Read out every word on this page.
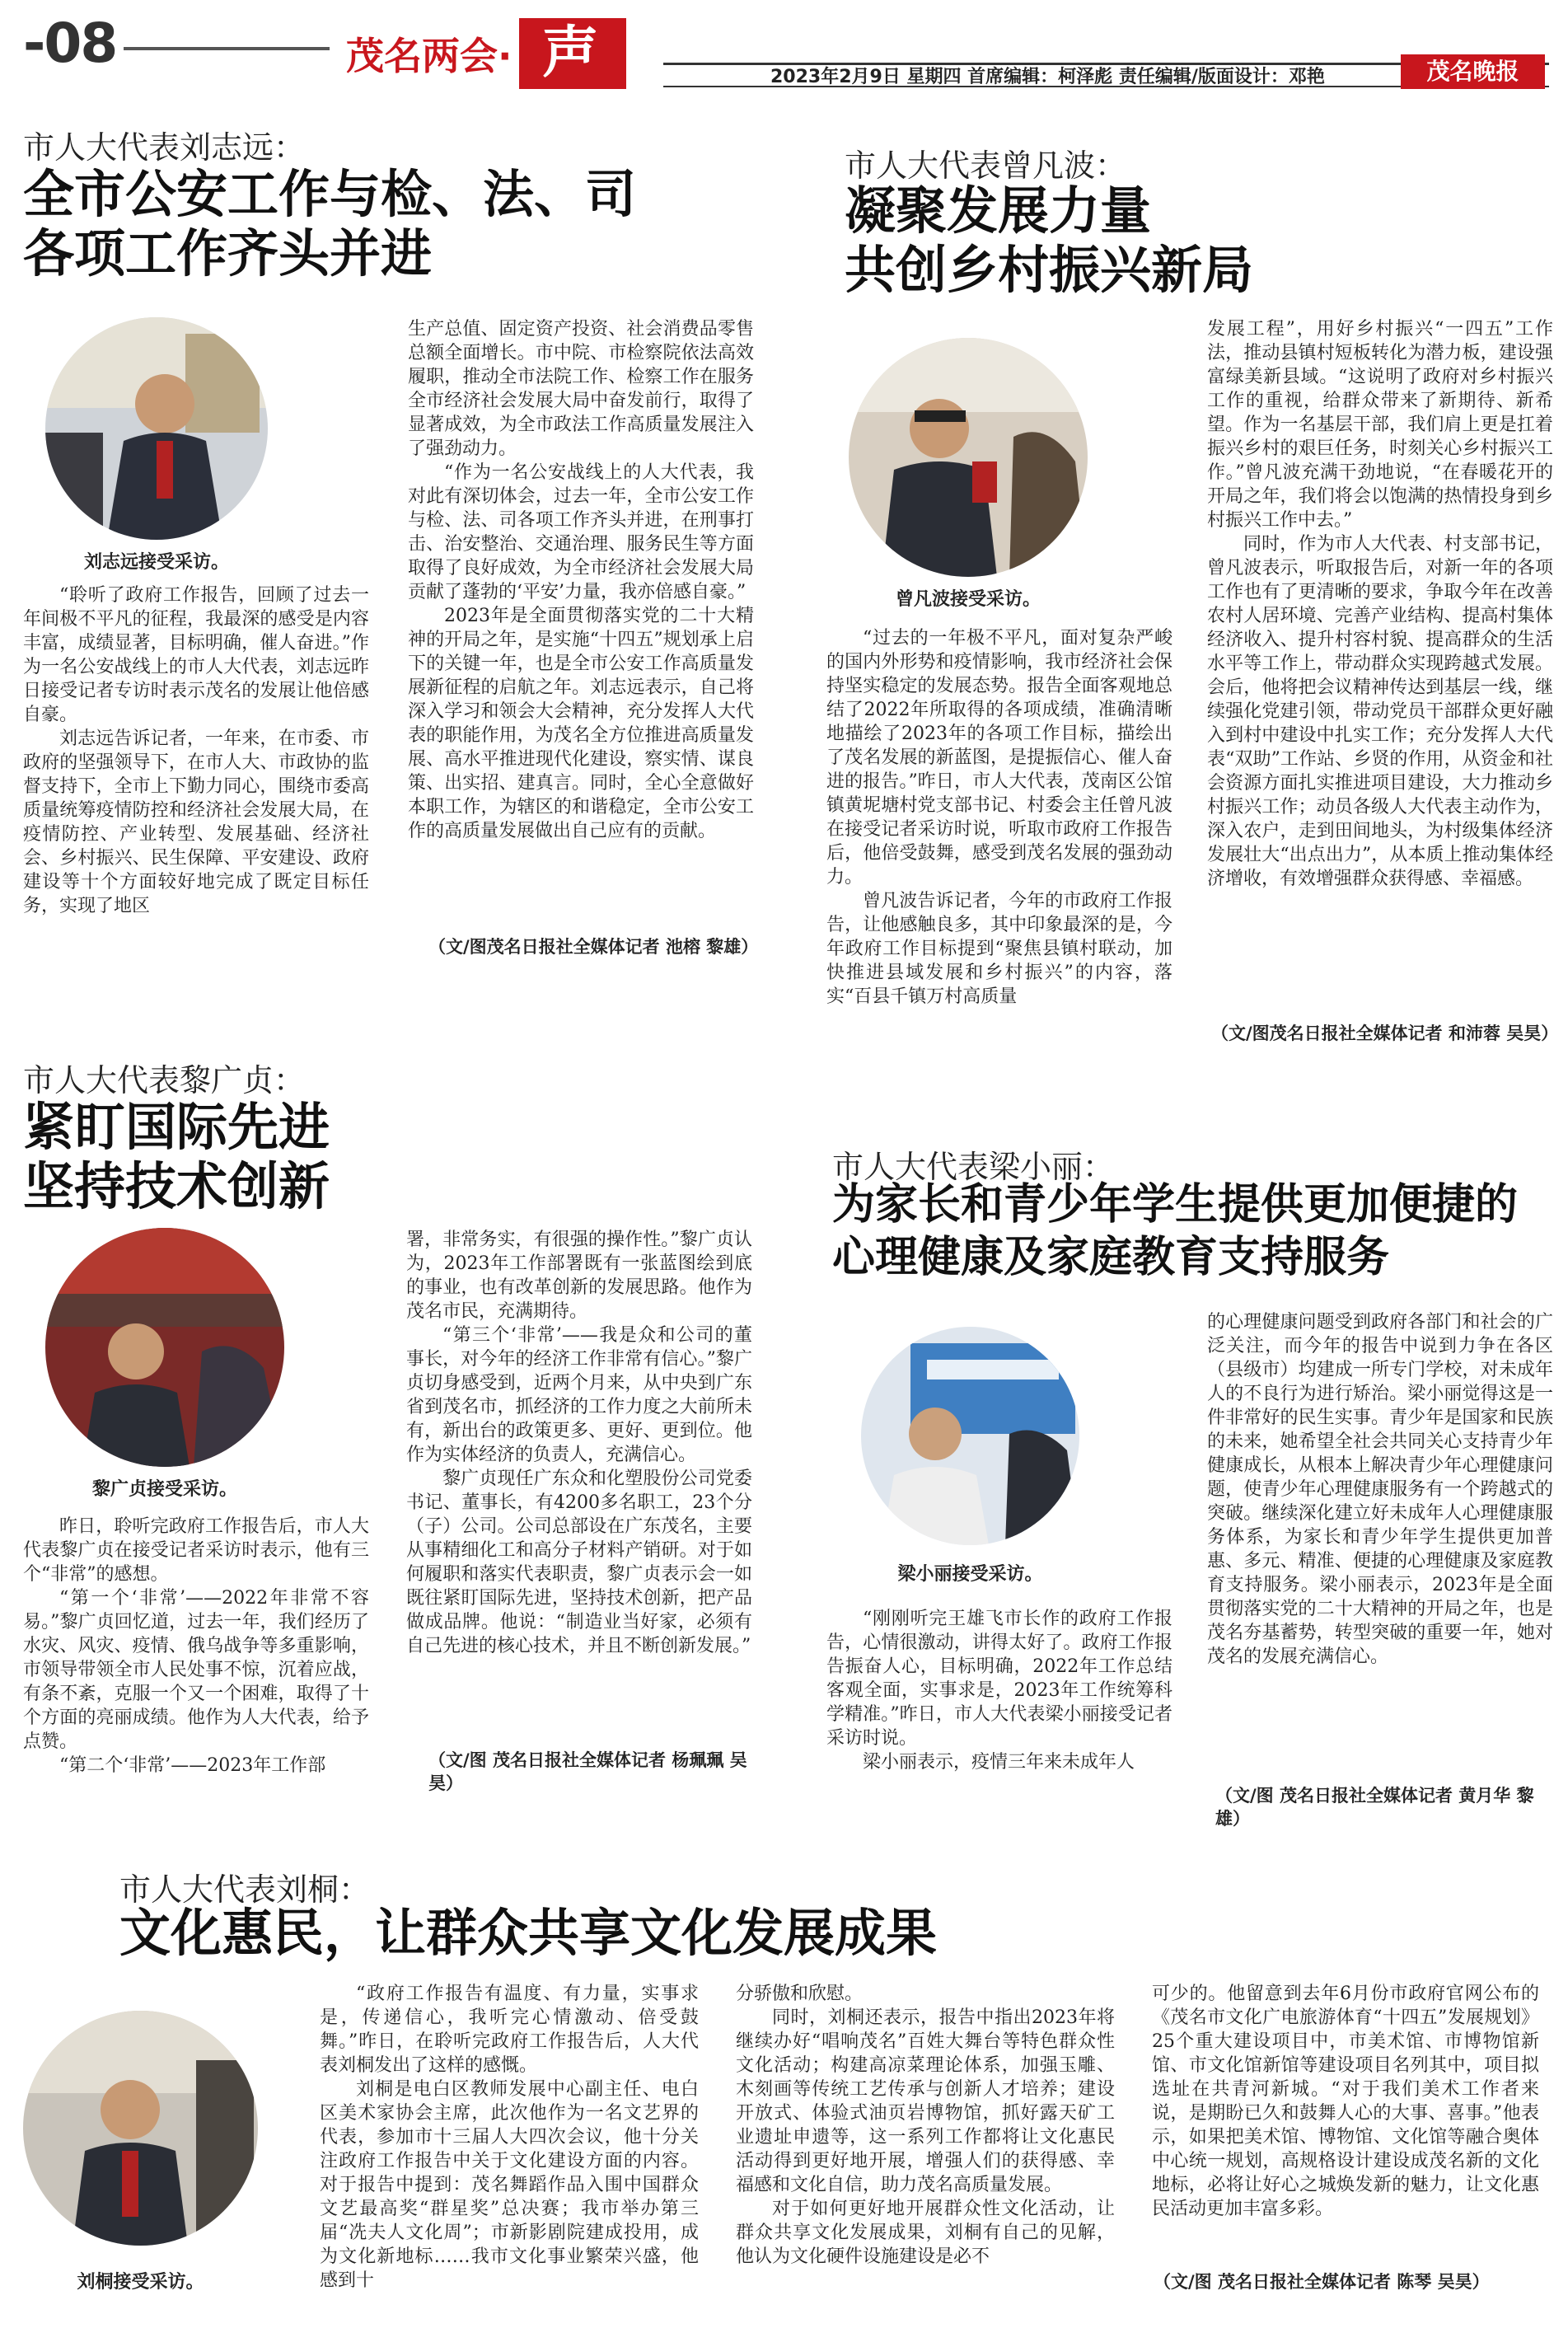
-08	茂名两会· 声音
2023年2月9日 星期四 首席编辑：柯泽彪 责任编辑/版面设计：邓艳	茂名晚报
市人大代表刘志远：
全市公安工作与检、法、司
各项工作齐头并进
刘志远接受采访。

“聆听了政府工作报告，回顾了过去一年间极不平凡的征程，我最深的感受是内容丰富，成绩显著，目标明确，催人奋进。”作为一名公安战线上的市人大代表，刘志远昨日接受记者专访时表示茂名的发展让他倍感自豪。

刘志远告诉记者，一年来，在市委、市政府的坚强领导下，在市人大、市政协的监督支持下，全市上下勤力同心，围绕市委高质量统筹疫情防控和经济社会发展大局，在疫情防控、产业转型、发展基础、经济社会、乡村振兴、民生保障、平安建设、政府建设等十个方面较好地完成了既定目标任务，实现了地区

生产总值、固定资产投资、社会消费品零售总额全面增长。市中院、市检察院依法高效履职，推动全市法院工作、检察工作在服务全市经济社会发展大局中奋发前行，取得了显著成效，为全市政法工作高质量发展注入了强劲动力。

“作为一名公安战线上的人大代表，我对此有深切体会，过去一年，全市公安工作与检、法、司各项工作齐头并进，在刑事打击、治安整治、交通治理、服务民生等方面取得了良好成效，为全市经济社会发展大局贡献了蓬勃的‘平安’力量，我亦倍感自豪。”

2023年是全面贯彻落实党的二十大精神的开局之年，是实施“十四五”规划承上启下的关键一年，也是全市公安工作高质量发展新征程的启航之年。刘志远表示，自己将深入学习和领会大会精神，充分发挥人大代表的职能作用，为茂名全方位推进高质量发展、高水平推进现代化建设，察实情、谋良策、出实招、建真言。同时，全心全意做好本职工作，为辖区的和谐稳定，全市公安工作的高质量发展做出自己应有的贡献。

（文/图茂名日报社全媒体记者 池榕 黎雄）
市人大代表曾凡波：
凝聚发展力量
共创乡村振兴新局
曾凡波接受采访。

“过去的一年极不平凡，面对复杂严峻的国内外形势和疫情影响，我市经济社会保持坚实稳定的发展态势。报告全面客观地总结了2022年所取得的各项成绩，准确清晰地描绘了2023年的各项工作目标，描绘出了茂名发展的新蓝图，是提振信心、催人奋进的报告。”昨日，市人大代表，茂南区公馆镇黄坭塘村党支部书记、村委会主任曾凡波在接受记者采访时说，听取市政府工作报告后，他倍受鼓舞，感受到茂名发展的强劲动力。

曾凡波告诉记者，今年的市政府工作报告，让他感触良多，其中印象最深的是，今年政府工作目标提到“聚焦县镇村联动，加快推进县域发展和乡村振兴”的内容，落实“百县千镇万村高质量

发展工程”，用好乡村振兴“一四五”工作法，推动县镇村短板转化为潜力板，建设强富绿美新县域。“这说明了政府对乡村振兴工作的重视，给群众带来了新期待、新希望。作为一名基层干部，我们肩上更是扛着振兴乡村的艰巨任务，时刻关心乡村振兴工作。”曾凡波充满干劲地说，“在春暖花开的开局之年，我们将会以饱满的热情投身到乡村振兴工作中去。”

同时，作为市人大代表、村支部书记，曾凡波表示，听取报告后，对新一年的各项工作也有了更清晰的要求，争取今年在改善农村人居环境、完善产业结构、提高村集体经济收入、提升村容村貌、提高群众的生活水平等工作上，带动群众实现跨越式发展。会后，他将把会议精神传达到基层一线，继续强化党建引领，带动党员干部群众更好融入到村中建设中扎实工作；充分发挥人大代表“双助”工作站、乡贤的作用，从资金和社会资源方面扎实推进项目建设，大力推动乡村振兴工作；动员各级人大代表主动作为，深入农户，走到田间地头，为村级集体经济发展壮大“出点出力”，从本质上推动集体经济增收，有效增强群众获得感、幸福感。

（文/图茂名日报社全媒体记者 和沛蓉 吴昊）
市人大代表黎广贞：
紧盯国际先进
坚持技术创新
黎广贞接受采访。

昨日，聆听完政府工作报告后，市人大代表黎广贞在接受记者采访时表示，他有三个“非常”的感想。

“第一个‘非常’——2022年非常不容易。”黎广贞回忆道，过去一年，我们经历了水灾、风灾、疫情、俄乌战争等多重影响，市领导带领全市人民处事不惊，沉着应战，有条不紊，克服一个又一个困难，取得了十个方面的亮丽成绩。他作为人大代表，给予点赞。

“第二个‘非常’——2023年工作部

署，非常务实，有很强的操作性。”黎广贞认为，2023年工作部署既有一张蓝图绘到底的事业，也有改革创新的发展思路。他作为茂名市民，充满期待。

“第三个‘非常’——我是众和公司的董事长，对今年的经济工作非常有信心。”黎广贞切身感受到，近两个月来，从中央到广东省到茂名市，抓经济的工作力度之大前所未有，新出台的政策更多、更好、更到位。他作为实体经济的负责人，充满信心。

黎广贞现任广东众和化塑股份公司党委书记、董事长，有4200多名职工，23个分（子）公司。公司总部设在广东茂名，主要从事精细化工和高分子材料产销研。对于如何履职和落实代表职责，黎广贞表示会一如既往紧盯国际先进，坚持技术创新，把产品做成品牌。他说：“制造业当好家，必须有自己先进的核心技术，并且不断创新发展。”

（文/图 茂名日报社全媒体记者 杨珮珮 吴昊）
市人大代表梁小丽：
为家长和青少年学生提供更加便捷的
心理健康及家庭教育支持服务
梁小丽接受采访。

“刚刚听完王雄飞市长作的政府工作报告，心情很激动，讲得太好了。政府工作报告振奋人心，目标明确，2022年工作总结客观全面，实事求是，2023年工作统筹科学精准。”昨日，市人大代表梁小丽接受记者采访时说。

梁小丽表示，疫情三年来未成年人

的心理健康问题受到政府各部门和社会的广泛关注，而今年的报告中说到力争在各区（县级市）均建成一所专门学校，对未成年人的不良行为进行矫治。梁小丽觉得这是一件非常好的民生实事。青少年是国家和民族的未来，她希望全社会共同关心支持青少年健康成长，从根本上解决青少年心理健康问题，使青少年心理健康服务有一个跨越式的突破。继续深化建立好未成年人心理健康服务体系，为家长和青少年学生提供更加普惠、多元、精准、便捷的心理健康及家庭教育支持服务。梁小丽表示，2023年是全面贯彻落实党的二十大精神的开局之年，也是茂名夯基蓄势，转型突破的重要一年，她对茂名的发展充满信心。

（文/图 茂名日报社全媒体记者 黄月华 黎雄）
市人大代表刘桐：
文化惠民，让群众共享文化发展成果
刘桐接受采访。

“政府工作报告有温度、有力量，实事求是，传递信心，我听完心情激动、倍受鼓舞。”昨日，在聆听完政府工作报告后，人大代表刘桐发出了这样的感慨。

刘桐是电白区教师发展中心副主任、电白区美术家协会主席，此次他作为一名文艺界的代表，参加市十三届人大四次会议，他十分关注政府工作报告中关于文化建设方面的内容。对于报告中提到：茂名舞蹈作品入围中国群众文艺最高奖“群星奖”总决赛；我市举办第三届“冼夫人文化周”；市新影剧院建成投用，成为文化新地标……我市文化事业繁荣兴盛，他感到十

分骄傲和欣慰。

同时，刘桐还表示，报告中指出2023年将继续办好“唱响茂名”百姓大舞台等特色群众性文化活动；构建高凉菜理论体系，加强玉雕、木刻画等传统工艺传承与创新人才培养；建设开放式、体验式油页岩博物馆，抓好露天矿工业遗址申遗等，这一系列工作都将让文化惠民活动得到更好地开展，增强人们的获得感、幸福感和文化自信，助力茂名高质量发展。

对于如何更好地开展群众性文化活动，让群众共享文化发展成果，刘桐有自己的见解，他认为文化硬件设施建设是必不

可少的。他留意到去年6月份市政府官网公布的《茂名市文化广电旅游体育“十四五”发展规划》25个重大建设项目中，市美术馆、市博物馆新馆、市文化馆新馆等建设项目名列其中，项目拟选址在共青河新城。“对于我们美术工作者来说，是期盼已久和鼓舞人心的大事、喜事。”他表示，如果把美术馆、博物馆、文化馆等融合奥体中心统一规划，高规格设计建设成茂名新的文化地标，必将让好心之城焕发新的魅力，让文化惠民活动更加丰富多彩。

（文/图 茂名日报社全媒体记者 陈琴 吴昊）
